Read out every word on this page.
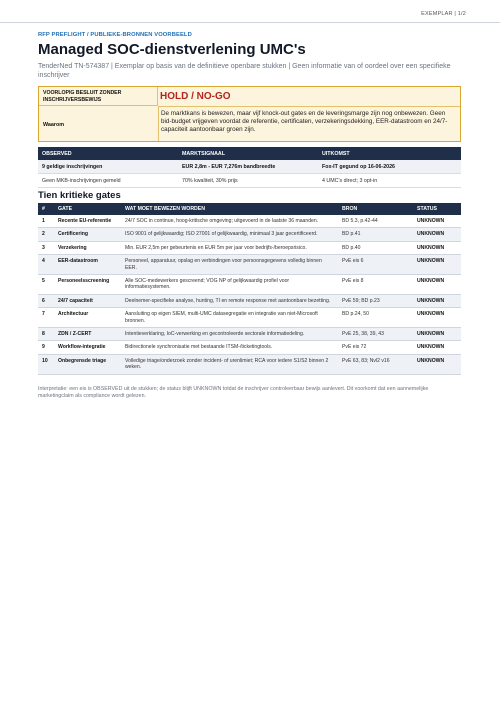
EXEMPLAR | 1/2
RFP PREFLIGHT / PUBLIEKE-BRONNEN VOORBEELD
Managed SOC-dienstverlening UMC's
TenderNed TN-574387 | Exemplar op basis van de definitieve openbare stukken | Geen informatie van of oordeel over een specifieke inschrijver
VOORLOPIG BESLUIT ZONDER INSCHRIJVERSBEWIJS	HOLD / NO-GO
Waarom
De marktkans is bewezen, maar vijf knock-out gates en de leveringsmarge zijn nog onbewezen. Geen bid-budget vrijgeven voordat de referentie, certificaten, verzekeringsdekking, EER-datastroom en 24/7-capaciteit aantoonbaar groen zijn.
OBSERVED	MARKTSIGNAAL	UITKOMST
9 geldige inschrijvingen	EUR 2,8m - EUR 7,276m bandbreedte	Fox-IT gegund op 16-06-2026
Geen MKB-inschrijvingen gemeld	70% kwaliteit, 30% prijs	4 UMC's direct; 3 opt-in
Tien kritieke gates
#	GATE	WAT MOET BEWEZEN WORDEN	BRON	STATUS
1	Recente EU-referentie	24/7 SOC in continue, hoog-kritische omgeving; uitgevoerd in de laatste 36 maanden.	BD 5.3, p.42-44	UNKNOWN
2	Certificering	ISO 9001 of gelijkwaardig; ISO 27001 of gelijkwaardig, minimaal 3 jaar gecertificeerd.	BD p.41	UNKNOWN
3	Verzekering	Min. EUR 2,5m per gebeurtenis en EUR 5m per jaar voor bedrijfs-/beroepsrisico.	BD p.40	UNKNOWN
4	EER-datastroom	Personeel, apparatuur, opslag en verbindingen voor persoonsgegevens volledig binnen EER.	PvE eis 6	UNKNOWN
5	Personeelsscreening	Alle SOC-medewerkers gescreend; VOG NP of gelijkwaardig profiel voor informatiesystemen.	PvE eis 8	UNKNOWN
6	24/7 capaciteit	Deelnemer-specifieke analyse, hunting, TI en remote response met aantoonbare bezetting.	PvE 59; BD p.23	UNKNOWN
7	Architectuur	Aansluiting op eigen SIEM, multi-UMC datasegregatie en integratie van niet-Microsoft bronnen.	BD p.24, 50	UNKNOWN
8	ZDN / Z-CERT	Intentieverklaring, IoC-verwerking en gecontroleerde sectorale informatiedeling.	PvE 25, 38, 39, 43	UNKNOWN
9	Workflow-integratie	Bidirectionele synchronisatie met bestaande ITSM-/ticketingtools.	PvE eis 72	UNKNOWN
10	Onbegrensde triage	Volledige triage/onderzoek zonder incident- of urenlimiet; RCA voor iedere S1/S2 binnen 2 weken.	PvE 63, 83; Nvl2 v16	UNKNOWN
Interpretatie: een eis is OBSERVED uit de stukken; de status blijft UNKNOWN totdat de inschrijver controleerbaar bewijs aanlevert. Dit voorkomt dat een aannemelijke marketingclaim als compliance wordt gelezen.
